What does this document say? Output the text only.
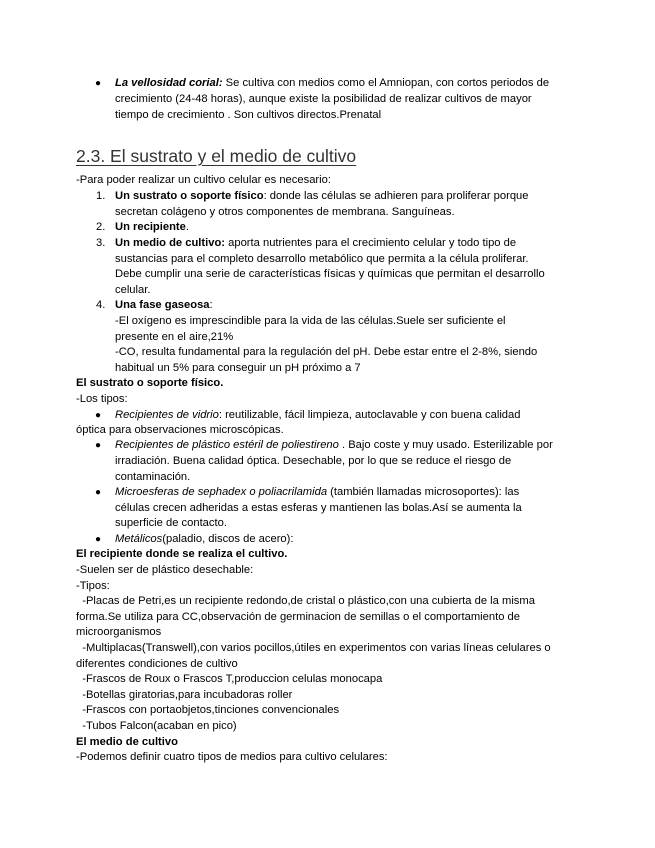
● La vellosidad corial: Se cultiva con medios como el Amniopan, con cortos periodos de
crecimiento (24-48 horas), aunque existe la posibilidad de realizar cultivos de mayor
tiempo de crecimiento . Son cultivos directos.Prenatal
2.3. El sustrato y el medio de cultivo
-Para poder realizar un cultivo celular es necesario:
1. Un sustrato o soporte físico: donde las células se adhieren para proliferar porque
secretan colágeno y otros componentes de membrana. Sanguíneas.
2. Un recipiente.
3. Un medio de cultivo: aporta nutrientes para el crecimiento celular y todo tipo de
sustancias para el completo desarrollo metabólico que permita a la célula proliferar.
Debe cumplir una serie de características físicas y químicas que permitan el desarrollo
celular.
4. Una fase gaseosa:
-El oxígeno es imprescindible para la vida de las células.Suele ser suficiente el
presente en el aire,21%
-CO, resulta fundamental para la regulación del pH. Debe estar entre el 2-8%, siendo
habitual un 5% para conseguir un pH próximo a 7
El sustrato o soporte físico.
-Los tipos:
● Recipientes de vidrio: reutilizable, fácil limpieza, autoclavable y con buena calidad
óptica para observaciones microscópicas.
● Recipientes de plástico estéril de poliestireno . Bajo coste y muy usado. Esterilizable por
irradiación. Buena calidad óptica. Desechable, por lo que se reduce el riesgo de
contaminación.
● Microesferas de sephadex o poliacrilamida (también llamadas microsoportes): las
células crecen adheridas a estas esferas y mantienen las bolas.Así se aumenta la
superficie de contacto.
● Metálicos(paladio, discos de acero):
El recipiente donde se realiza el cultivo.
-Suelen ser de plástico desechable:
-Tipos:
-Placas de Petri,es un recipiente redondo,de cristal o plástico,con una cubierta de la misma
forma.Se utiliza para CC,observación de germinacion de semillas o el comportamiento de
microorganismos
-Multiplacas(Transwell),con varios pocillos,útiles en experimentos con varias líneas celulares o
diferentes condiciones de cultivo
-Frascos de Roux o Frascos T,produccion celulas monocapa
-Botellas giratorias,para incubadoras roller
-Frascos con portaobjetos,tinciones convencionales
-Tubos Falcon(acaban en pico)
El medio de cultivo
-Podemos definir cuatro tipos de medios para cultivo celulares:
